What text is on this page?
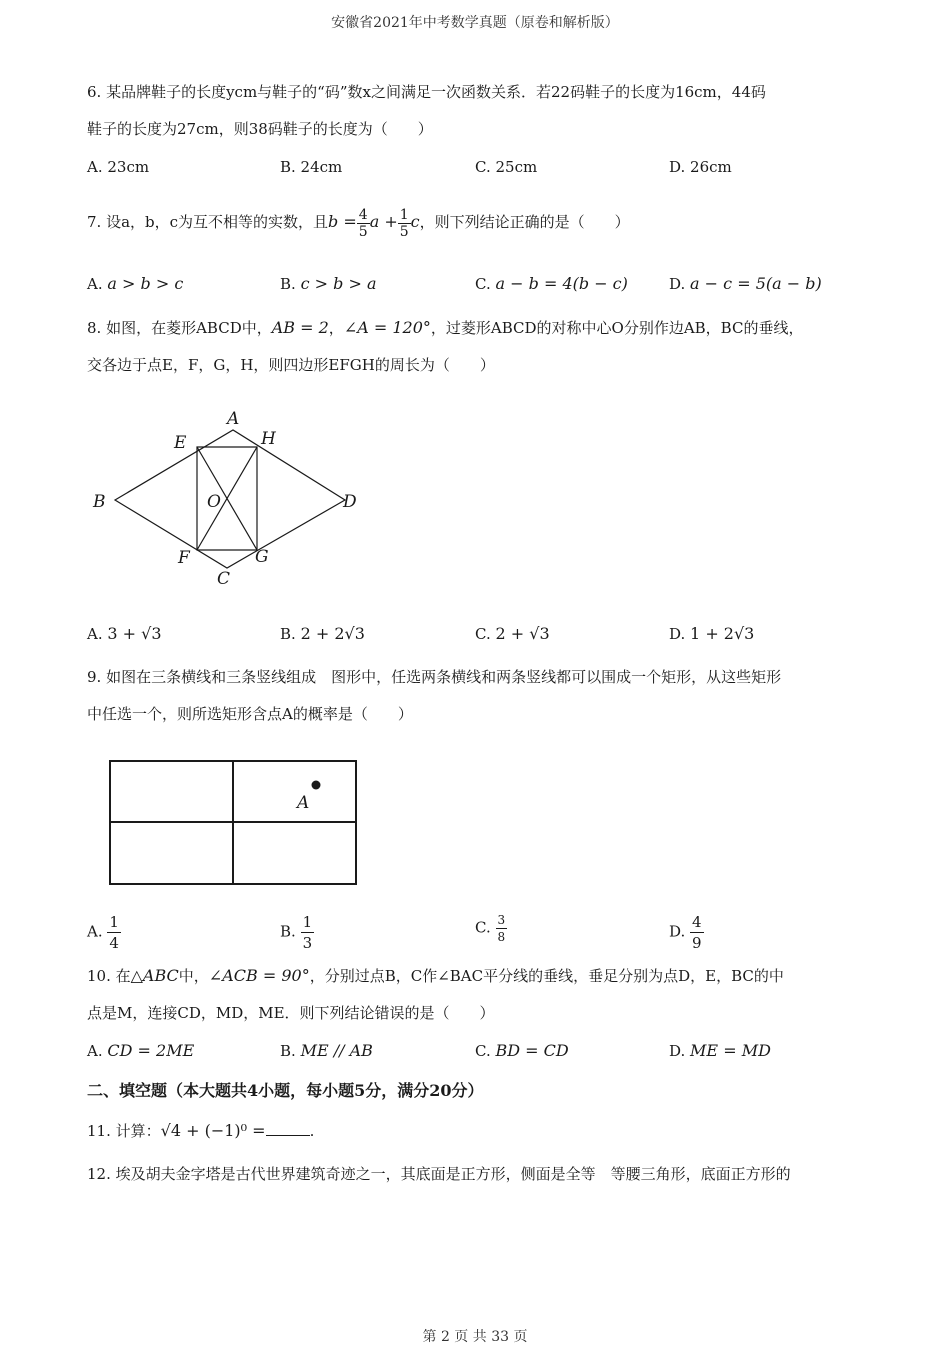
安徽省2021年中考数学真题（原卷和解析版）
6. 某品牌鞋子的长度ycm与鞋子的“码”数x之间满足一次函数关系．若22码鞋子的长度为16cm，44码
鞋子的长度为27cm，则38码鞋子的长度为（　　）
A. 23cm	B. 24cm	C. 25cm	D. 26cm
7. 设a，b，c为互不相等的实数，且$b = \frac{4}{5}$ $a + \frac{1}{5}$ c，则下列结论正确的是（　　）
A. a > b > c	B. c > b > a	C. a − b = 4(b − c)	D. a − c = 5(a − b)
8. 如图，在菱形ABCD中，AB = 2，∠A = 120°，过菱形ABCD的对称中心O分别作边AB，BC的垂线，
交各边于点E，F，G，H，则四边形EFGH的周长为（　　）
A
B
C
D
E
F	G
H
O
A. 3 + √3	B. 2 + 2√3	C. 2 + √3	D. 1 + 2√3
9. 如图在三条横线和三条竖线组成　图形中，任选两条横线和两条竖线都可以围成一个矩形，从这些矩形
中任选一个，则所选矩形含点A的概率是（　　）
A
A. $\frac{1}{4}$	B. $\frac{1}{3}$	C. $\frac{3}{8}$	D. $\frac{4}{9}$
10. 在△ABC中，∠ACB = 90°，分别过点B，C作∠BAC平分线的垂线，垂足分别为点D，E，BC的中
点是M，连接CD，MD，ME．则下列结论错误的是（　　）
A. CD = 2ME	B. ME // AB	C. BD = CD	D. ME = MD
二、填空题（本大题共4小题，每小题5分，满分20分）
11. 计算：√4 + (−1)⁰ =	.
12. 埃及胡夫金字塔是古代世界建筑奇迹之一，其底面是正方形，侧面是全等　等腰三角形，底面正方形的
第 2 页 共 33 页
